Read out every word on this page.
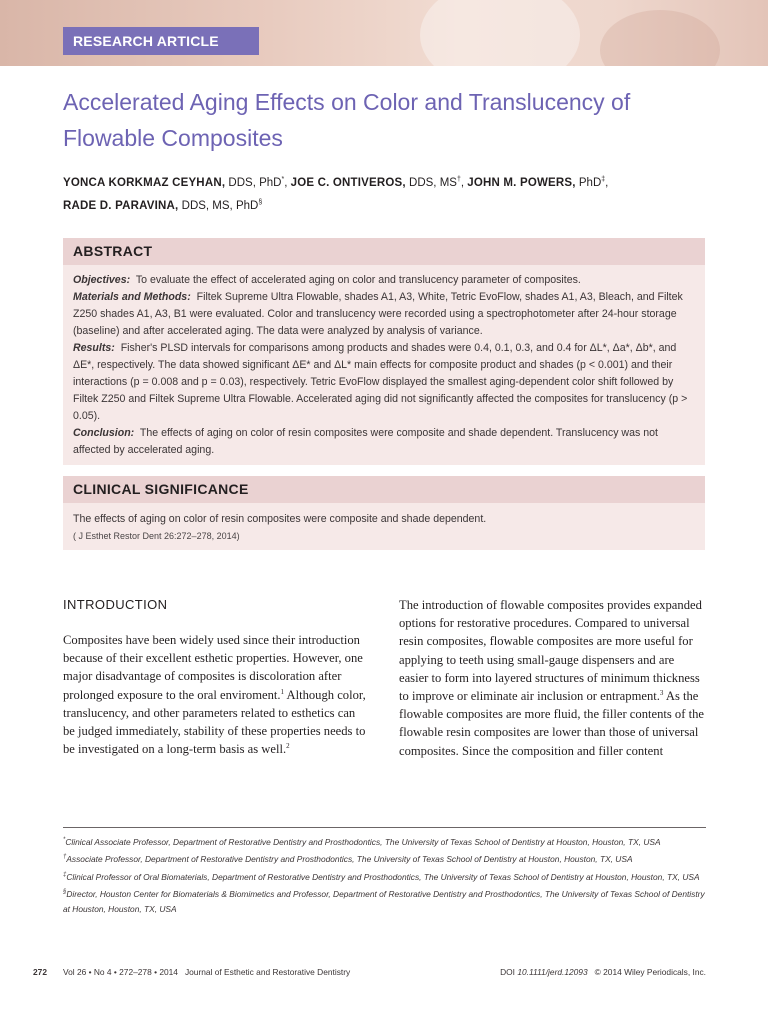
RESEARCH ARTICLE
Accelerated Aging Effects on Color and Translucency of Flowable Composites
YONCA KORKMAZ CEYHAN, DDS, PhD*, JOE C. ONTIVEROS, DDS, MS†, JOHN M. POWERS, PhD‡,
RADE D. PARAVINA, DDS, MS, PhD§
ABSTRACT
Objectives: To evaluate the effect of accelerated aging on color and translucency parameter of composites.
Materials and Methods: Filtek Supreme Ultra Flowable, shades A1, A3, White, Tetric EvoFlow, shades A1, A3, Bleach, and Filtek Z250 shades A1, A3, B1 were evaluated. Color and translucency were recorded using a spectrophotometer after 24-hour storage (baseline) and after accelerated aging. The data were analyzed by analysis of variance.
Results: Fisher's PLSD intervals for comparisons among products and shades were 0.4, 0.1, 0.3, and 0.4 for ΔL*, Δa*, Δb*, and ΔE*, respectively. The data showed significant ΔE* and ΔL* main effects for composite product and shades (p < 0.001) and their interactions (p = 0.008 and p = 0.03), respectively. Tetric EvoFlow displayed the smallest aging-dependent color shift followed by Filtek Z250 and Filtek Supreme Ultra Flowable. Accelerated aging did not significantly affected the composites for translucency (p > 0.05).
Conclusion: The effects of aging on color of resin composites were composite and shade dependent. Translucency was not affected by accelerated aging.
CLINICAL SIGNIFICANCE
The effects of aging on color of resin composites were composite and shade dependent.
( J Esthet Restor Dent 26:272–278, 2014)
INTRODUCTION
Composites have been widely used since their introduction because of their excellent esthetic properties. However, one major disadvantage of composites is discoloration after prolonged exposure to the oral enviroment.$^1$ Although color, translucency, and other parameters related to esthetics can be judged immediately, stability of these properties needs to be investigated on a long-term basis as well.$^2$
The introduction of flowable composites provides expanded options for restorative procedures. Compared to universal resin composites, flowable composites are more useful for applying to teeth using small-gauge dispensers and are easier to form into layered structures of minimum thickness to improve or eliminate air inclusion or entrapment.$^3$ As the flowable composites are more fluid, the filler contents of the flowable resin composites are lower than those of universal composites. Since the composition and filler content
*Clinical Associate Professor, Department of Restorative Dentistry and Prosthodontics, The University of Texas School of Dentistry at Houston, Houston, TX, USA
†Associate Professor, Department of Restorative Dentistry and Prosthodontics, The University of Texas School of Dentistry at Houston, Houston, TX, USA
‡Clinical Professor of Oral Biomaterials, Department of Restorative Dentistry and Prosthodontics, The University of Texas School of Dentistry at Houston, Houston, TX, USA
§Director, Houston Center for Biomaterials & Biomimetics and Professor, Department of Restorative Dentistry and Prosthodontics, The University of Texas School of Dentistry at Houston, Houston, TX, USA
272 Vol 26 • No 4 • 272–278 • 2014 Journal of Esthetic and Restorative Dentistry	DOI 10.1111/jerd.12093 © 2014 Wiley Periodicals, Inc.
